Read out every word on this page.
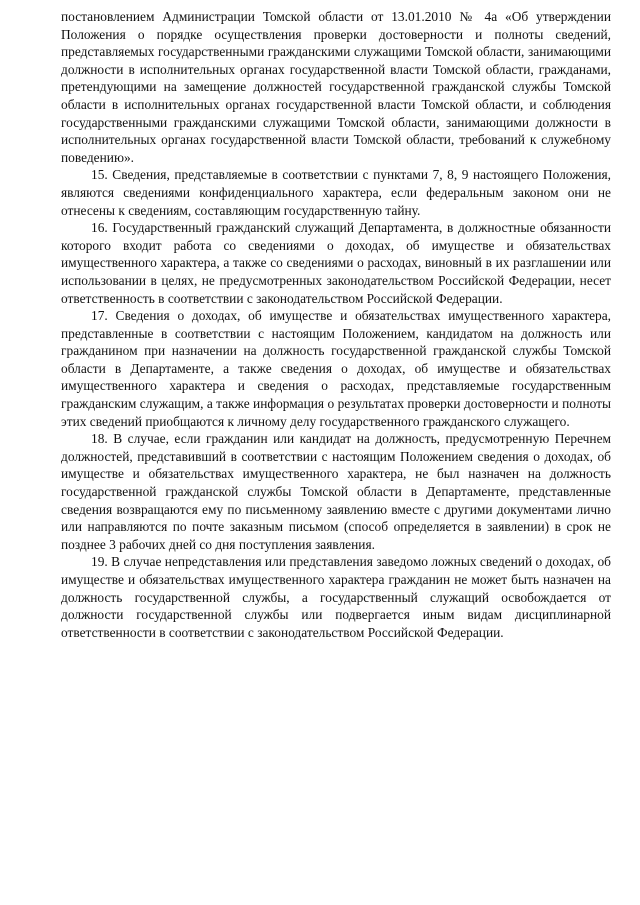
постановлением Администрации Томской области от 13.01.2010 № 4а «Об утверждении Положения о порядке осуществления проверки достоверности и полноты сведений, представляемых государственными гражданскими служащими Томской области, занимающими должности в исполнительных органах государственной власти Томской области, гражданами, претендующими на замещение должностей государственной гражданской службы Томской области в исполнительных органах государственной власти Томской области, и соблюдения государственными гражданскими служащими Томской области, занимающими должности в исполнительных органах государственной власти Томской области, требований к служебному поведению».

15. Сведения, представляемые в соответствии с пунктами 7, 8, 9 настоящего Положения, являются сведениями конфиденциального характера, если федеральным законом они не отнесены к сведениям, составляющим государственную тайну.

16. Государственный гражданский служащий Департамента, в должностные обязанности которого входит работа со сведениями о доходах, об имуществе и обязательствах имущественного характера, а также со сведениями о расходах, виновный в их разглашении или использовании в целях, не предусмотренных законодательством Российской Федерации, несет ответственность в соответствии с законодательством Российской Федерации.

17. Сведения о доходах, об имуществе и обязательствах имущественного характера, представленные в соответствии с настоящим Положением, кандидатом на должность или гражданином при назначении на должность государственной гражданской службы Томской области в Департаменте, а также сведения о доходах, об имуществе и обязательствах имущественного характера и сведения о расходах, представляемые государственным гражданским служащим, а также информация о результатах проверки достоверности и полноты этих сведений приобщаются к личному делу государственного гражданского служащего.

18. В случае, если гражданин или кандидат на должность, предусмотренную Перечнем должностей, представивший в соответствии с настоящим Положением сведения о доходах, об имуществе и обязательствах имущественного характера, не был назначен на должность государственной гражданской службы Томской области в Департаменте, представленные сведения возвращаются ему по письменному заявлению вместе с другими документами лично или направляются по почте заказным письмом (способ определяется в заявлении) в срок не позднее 3 рабочих дней со дня поступления заявления.

19. В случае непредставления или представления заведомо ложных сведений о доходах, об имуществе и обязательствах имущественного характера гражданин не может быть назначен на должность государственной службы, а государственный служащий освобождается от должности государственной службы или подвергается иным видам дисциплинарной ответственности в соответствии с законодательством Российской Федерации.
